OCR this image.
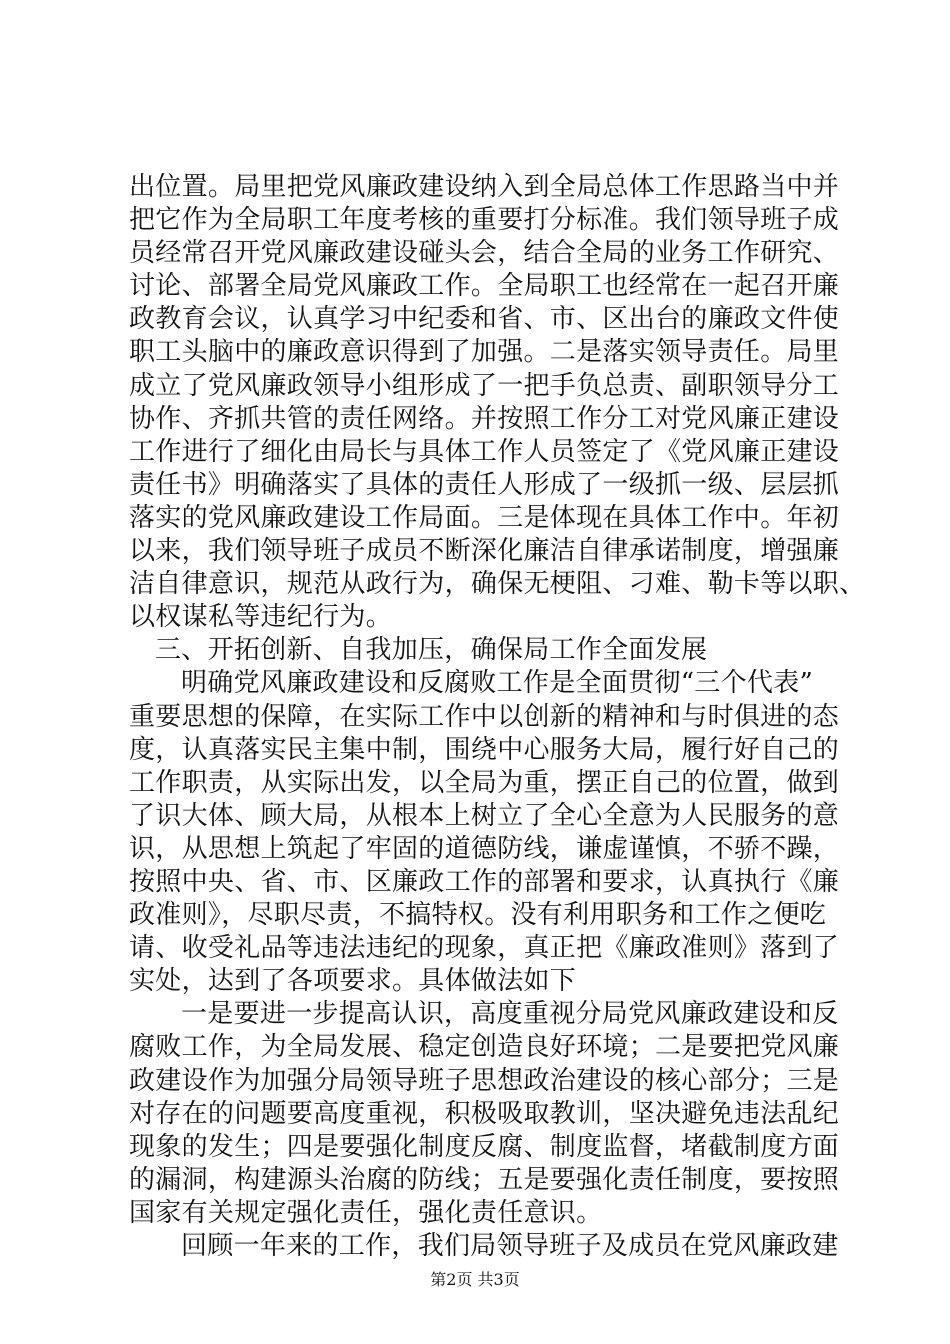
出位置。局里把党风廉政建设纳入到全局总体工作思路当中并
把它作为全局职工年度考核的重要打分标准。我们领导班子成
员经常召开党风廉政建设碰头会，结合全局的业务工作研究、
讨论、部署全局党风廉政工作。全局职工也经常在一起召开廉
政教育会议，认真学习中纪委和省、市、区出台的廉政文件使
职工头脑中的廉政意识得到了加强。二是落实领导责任。局里
成立了党风廉政领导小组形成了一把手负总责、副职领导分工
协作、齐抓共管的责任网络。并按照工作分工对党风廉正建设
工作进行了细化由局长与具体工作人员签定了《党风廉正建设
责任书》明确落实了具体的责任人形成了一级抓一级、层层抓
落实的党风廉政建设工作局面。三是体现在具体工作中。年初
以来，我们领导班子成员不断深化廉洁自律承诺制度，增强廉
洁自律意识，规范从政行为，确保无梗阻、刁难、勒卡等以职、
以权谋私等违纪行为。
三、开拓创新、自我加压，确保局工作全面发展
明确党风廉政建设和反腐败工作是全面贯彻“三个代表”
重要思想的保障，在实际工作中以创新的精神和与时俱进的态
度，认真落实民主集中制，围绕中心服务大局，履行好自己的
工作职责，从实际出发，以全局为重，摆正自己的位置，做到
了识大体、顾大局，从根本上树立了全心全意为人民服务的意
识，从思想上筑起了牢固的道德防线，谦虚谨慎，不骄不躁，
按照中央、省、市、区廉政工作的部署和要求，认真执行《廉
政准则》，尽职尽责，不搞特权。没有利用职务和工作之便吃
请、收受礼品等违法违纪的现象，真正把《廉政准则》落到了
实处，达到了各项要求。具体做法如下
一是要进一步提高认识，高度重视分局党风廉政建设和反
腐败工作，为全局发展、稳定创造良好环境；二是要把党风廉
政建设作为加强分局领导班子思想政治建设的核心部分；三是
对存在的问题要高度重视，积极吸取教训，坚决避免违法乱纪
现象的发生；四是要强化制度反腐、制度监督，堵截制度方面
的漏洞，构建源头治腐的防线；五是要强化责任制度，要按照
国家有关规定强化责任，强化责任意识。
回顾一年来的工作，我们局领导班子及成员在党风廉政建
第2页 共3页
